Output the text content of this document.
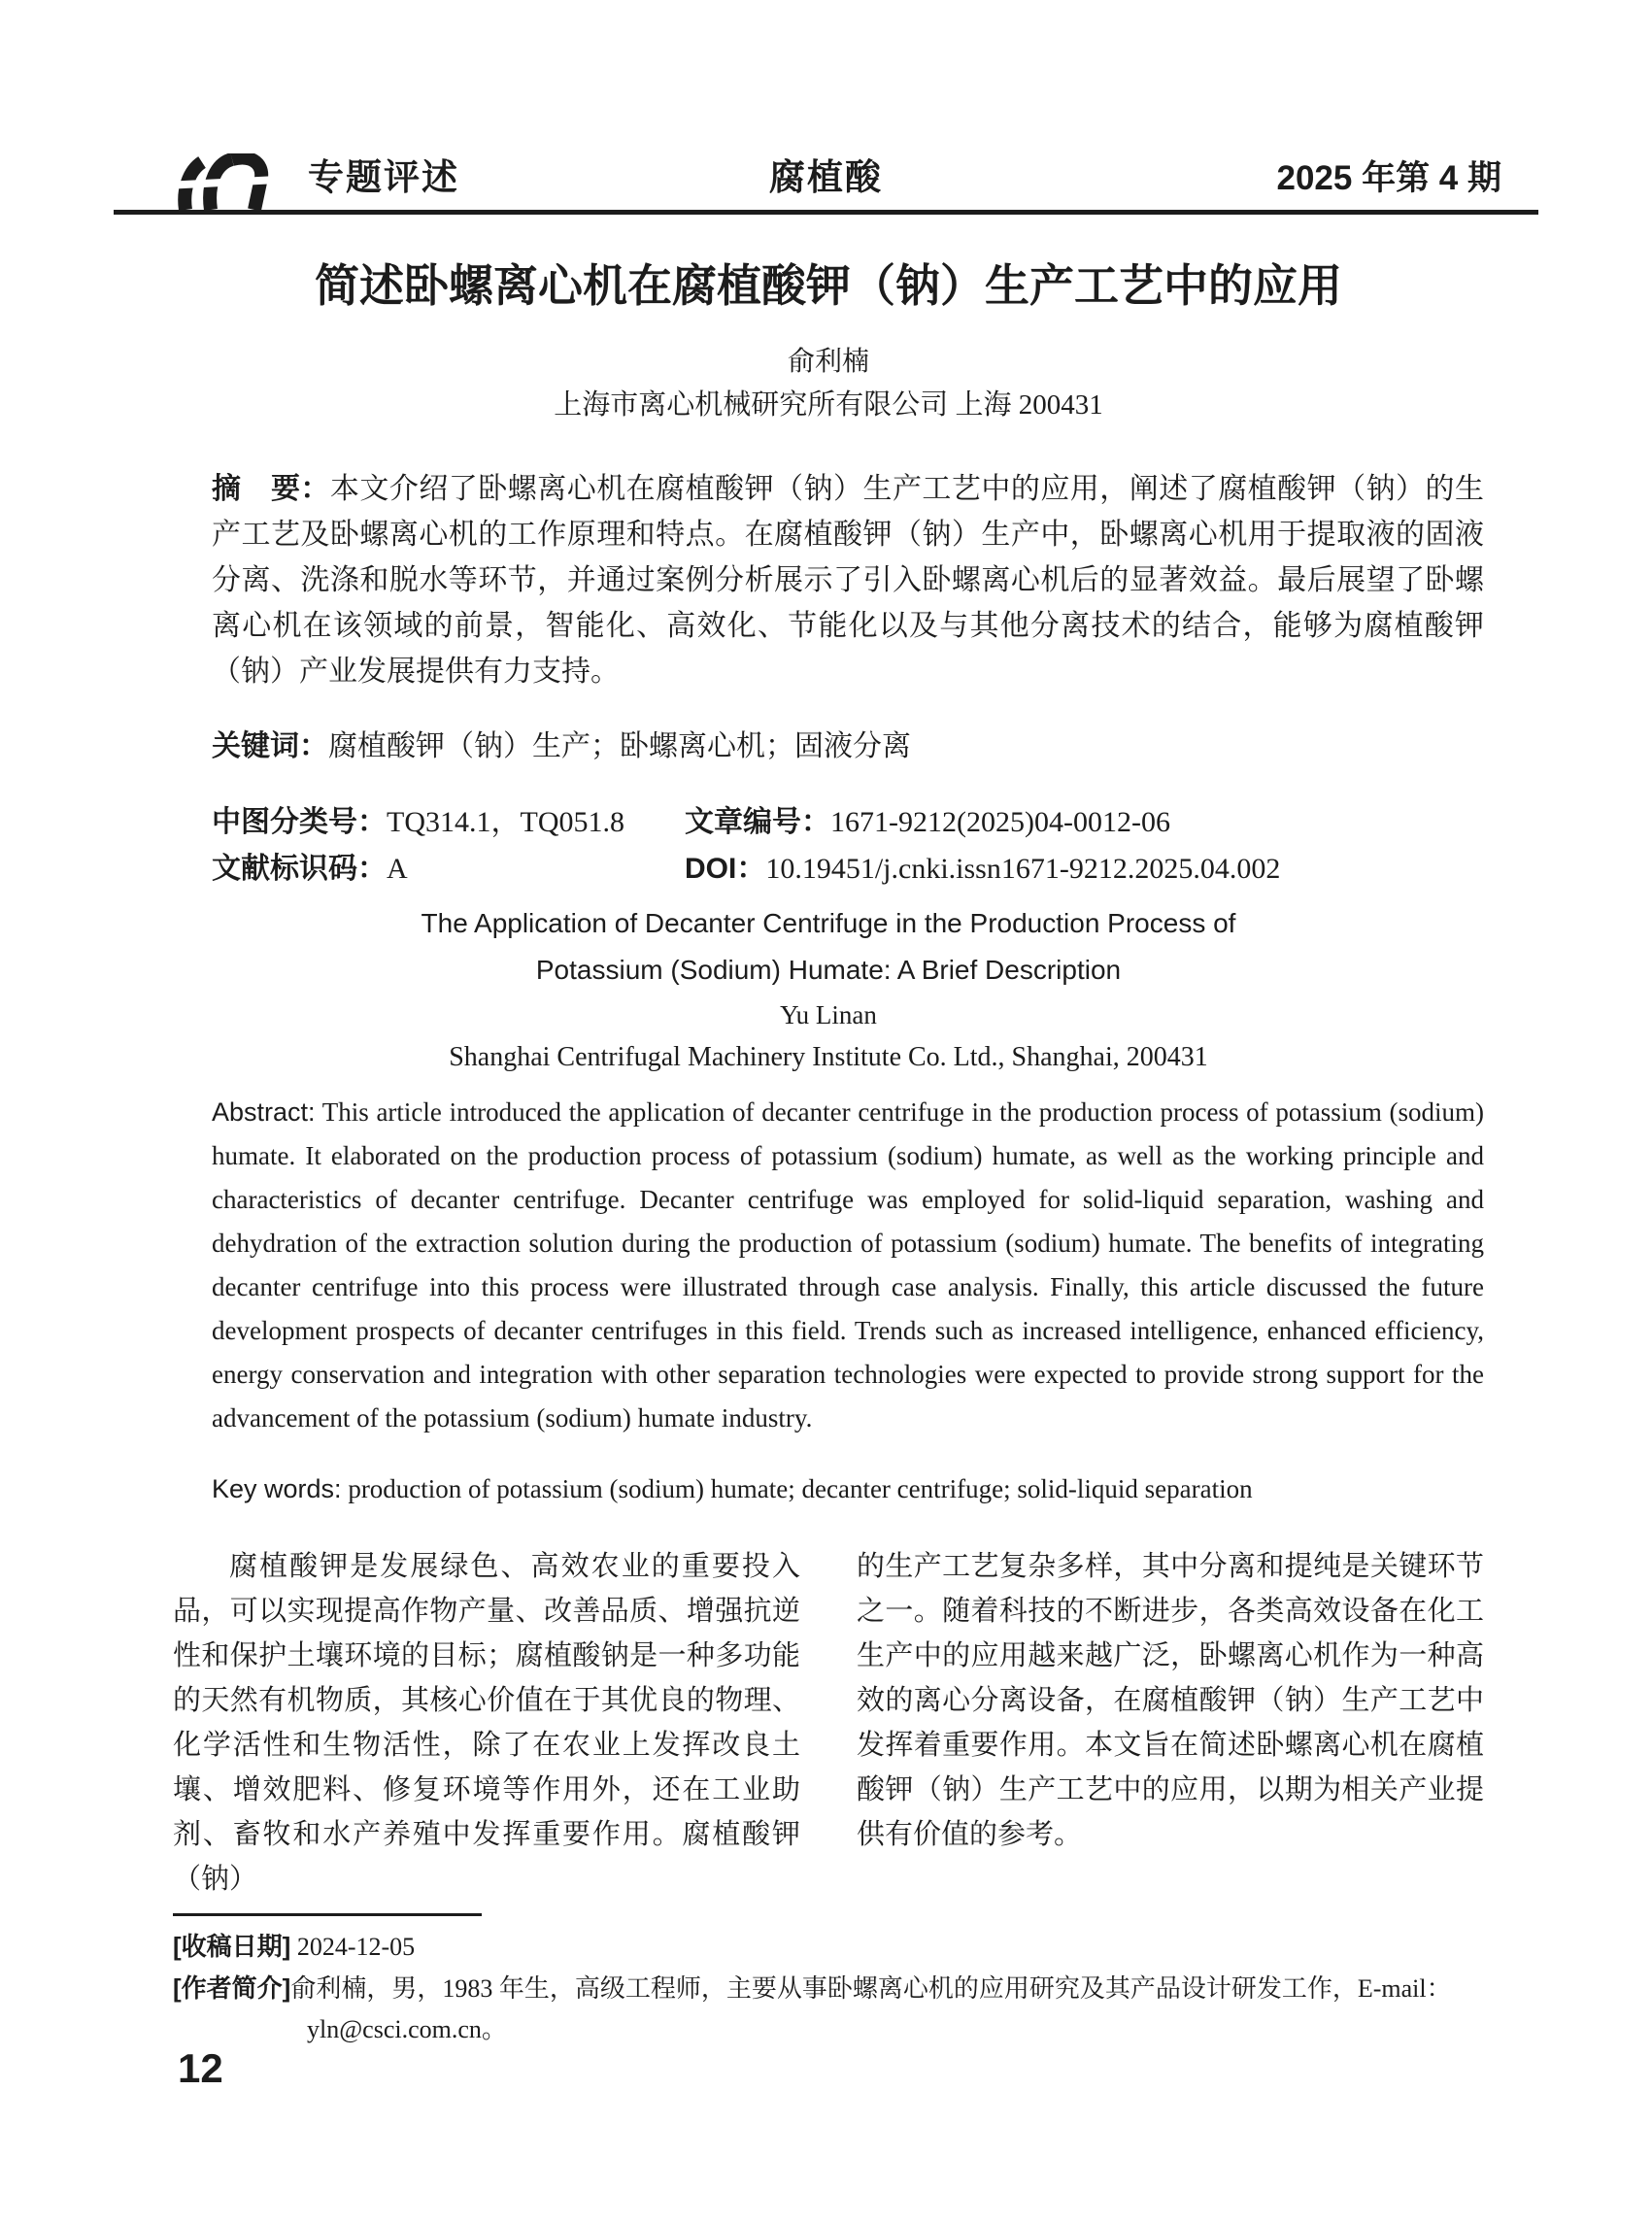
专题评述	腐植酸	2025 年第 4 期
简述卧螺离心机在腐植酸钾（钠）生产工艺中的应用
俞利楠
上海市离心机械研究所有限公司 上海 200431

摘　要：本文介绍了卧螺离心机在腐植酸钾（钠）生产工艺中的应用，阐述了腐植酸钾（钠）的生产工艺及卧螺离心机的工作原理和特点。在腐植酸钾（钠）生产中，卧螺离心机用于提取液的固液分离、洗涤和脱水等环节，并通过案例分析展示了引入卧螺离心机后的显著效益。最后展望了卧螺离心机在该领域的前景，智能化、高效化、节能化以及与其他分离技术的结合，能够为腐植酸钾（钠）产业发展提供有力支持。

关键词：腐植酸钾（钠）生产；卧螺离心机；固液分离

中图分类号：TQ314.1，TQ051.8	文章编号：1671-9212(2025)04-0012-06
文献标识码：A	DOI：10.19451/j.cnki.issn1671-9212.2025.04.002
The Application of Decanter Centrifuge in the Production Process of
Potassium (Sodium) Humate: A Brief Description
Yu Linan
Shanghai Centrifugal Machinery Institute Co. Ltd., Shanghai, 200431

Abstract: This article introduced the application of decanter centrifuge in the production process of potassium (sodium) humate. It elaborated on the production process of potassium (sodium) humate, as well as the working principle and characteristics of decanter centrifuge. Decanter centrifuge was employed for solid-liquid separation, washing and dehydration of the extraction solution during the production of potassium (sodium) humate. The benefits of integrating decanter centrifuge into this process were illustrated through case analysis. Finally, this article discussed the future development prospects of decanter centrifuges in this field. Trends such as increased intelligence, enhanced efficiency, energy conservation and integration with other separation technologies were expected to provide strong support for the advancement of the potassium (sodium) humate industry.

Key words: production of potassium (sodium) humate; decanter centrifuge; solid-liquid separation

腐植酸钾是发展绿色、高效农业的重要投入品，可以实现提高作物产量、改善品质、增强抗逆性和保护土壤环境的目标；腐植酸钠是一种多功能的天然有机物质，其核心价值在于其优良的物理、化学活性和生物活性，除了在农业上发挥改良土壤、增效肥料、修复环境等作用外，还在工业助剂、畜牧和水产养殖中发挥重要作用。腐植酸钾（钠）

的生产工艺复杂多样，其中分离和提纯是关键环节之一。随着科技的不断进步，各类高效设备在化工生产中的应用越来越广泛，卧螺离心机作为一种高效的离心分离设备，在腐植酸钾（钠）生产工艺中发挥着重要作用。本文旨在简述卧螺离心机在腐植酸钾（钠）生产工艺中的应用，以期为相关产业提供有价值的参考。

[收稿日期] 2024-12-05
[作者简介]俞利楠，男，1983 年生，高级工程师，主要从事卧螺离心机的应用研究及其产品设计研发工作，E-mail：
yln@csci.com.cn。
12
